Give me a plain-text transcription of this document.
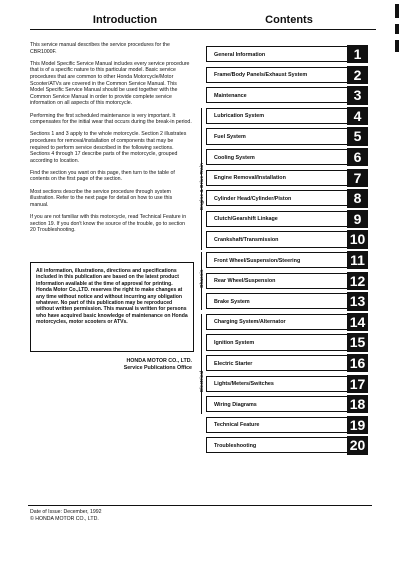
Introduction	Contents

This service manual describes the service procedures for the CBR1000F.

This Model Specific Service Manual includes every service procedure that is of a specific nature to this particular model. Basic service procedures that are common to other Honda Motorcycle/Motor Scooter/ATVs are covered in the Common Service Manual. This Model Specific Service Manual should be used together with the Common Service Manual in order to provide complete service information on all aspects of this motorcycle.

Performing the first scheduled maintenance is very important. It compensates for the initial wear that occurs during the break-in period.

Sections 1 and 3 apply to the whole motorcycle. Section 2 illustrates procedures for removal/installation of components that may be required to perform service described in the following sections. Sections 4 through 17 describe parts of the motorcycle, grouped according to location.

Find the section you want on this page, then turn to the table of contents on the first page of the section.

Most sections describe the service procedure through system illustration. Refer to the next page for detail on how to use this manual.

If you are not familiar with this motorcycle, read Technical Feature in section 19. If you don't know the source of the trouble, go to section 20 Troubleshooting.

All information, illustrations, directions and specifications included in this publication are based on the latest product information available at the time of approval for printing. Honda Motor Co.,LTD. reserves the right to make changes at any time without notice and without incurring any obligation whatever. No part of this publication may be reproduced without written permission. This manual is written for persons who have acquired basic knowledge of maintenance on Honda motorcycles, motor scooters or ATVs.
HONDA MOTOR CO., LTD.
Service Publications Office
General Information	1
Frame/Body Panels/Exhaust System	2
Maintenance	3
Lubrication System	4
Fuel System	5
Cooling System	6
Engine Removal/Installation	7
Cylinder Head/Cylinder/Piston	8
Clutch/Gearshift Linkage	9
Crankshaft/Transmission	10
Front Wheel/Suspension/Steering	11
Rear Wheel/Suspension	12
Brake System	13
Charging System/Alternator	14
Ignition System	15
Electric Starter	16
Lights/Meters/Switches	17
Wiring Diagrams	18
Technical Feature	19
Troubleshooting	20
Engine & Drive Train
Chassis
Electrical
Date of Issue: December, 1992
© HONDA MOTOR CO., LTD.
